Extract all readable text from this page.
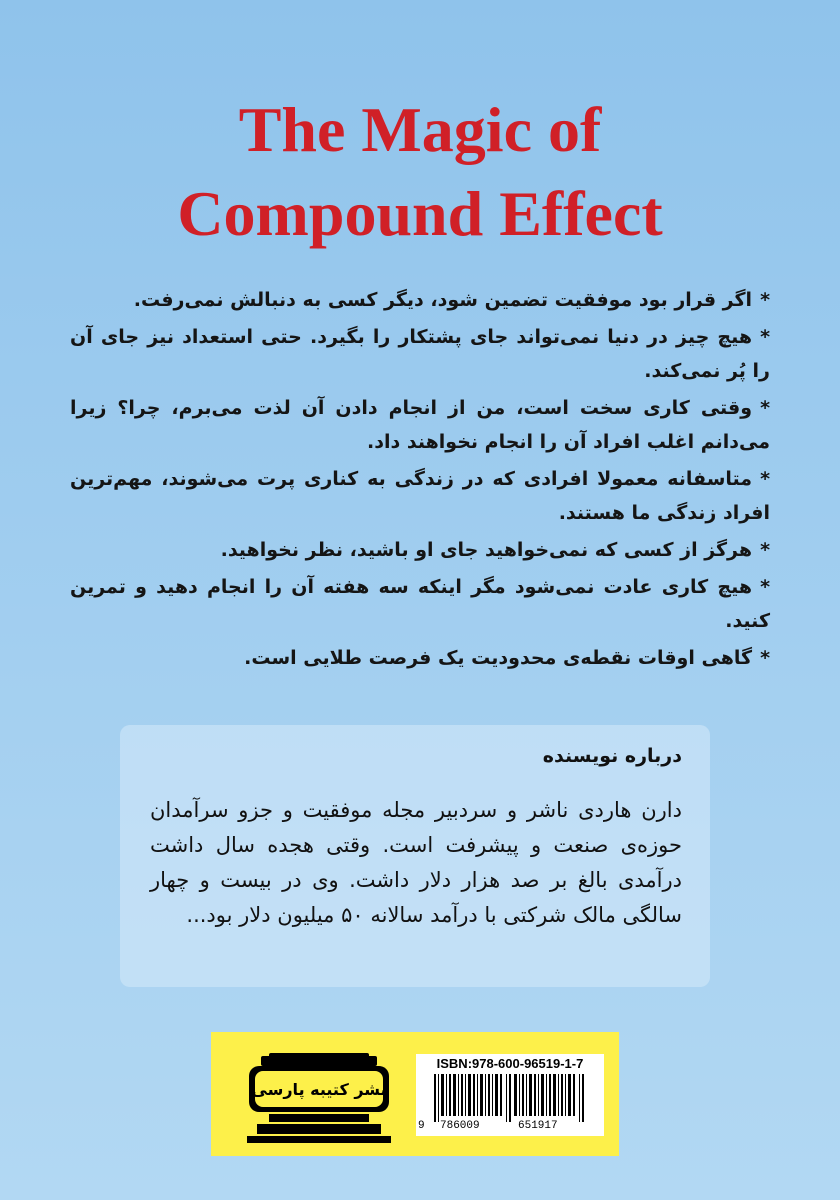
The Magic of
Compound Effect
*اگر قرار بود موفقیت تضمین شود، دیگر کسی به دنبالش نمی‌رفت.
*هیچ چیز در دنیا نمی‌تواند جای پشتکار را بگیرد. حتی استعداد نیز جای آن را پُر نمی‌کند.
*وقتی کاری سخت است، من از انجام دادن آن لذت می‌برم، چرا؟ زیرا می‌دانم اغلب افراد آن را انجام نخواهند داد.
*متاسفانه معمولا افرادی که در زندگی به کناری پرت می‌شوند، مهم‌ترین افراد زندگی ما هستند.
*هرگز از کسی که نمی‌خواهید جای او باشید، نظر نخواهید.
*هیچ کاری عادت نمی‌شود مگر اینکه سه هفته آن را انجام دهید و تمرین کنید.
*گاهی اوقات نقطه‌ی محدودیت یک فرصت طلایی است.
درباره نویسنده
دارن هاردی ناشر و سردبیر مجله موفقیت و جزو سرآمدان حوزه‌ی صنعت و پیشرفت است. وقتی هجده سال داشت درآمدی بالغ بر صد هزار دلار داشت. وی در بیست و چهار سالگی مالک شرکتی با درآمد سالانه ۵۰ میلیون دلار بود...
نشر کتیبه پارسی
ISBN:978-600-96519-1-7
9 786009	651917
